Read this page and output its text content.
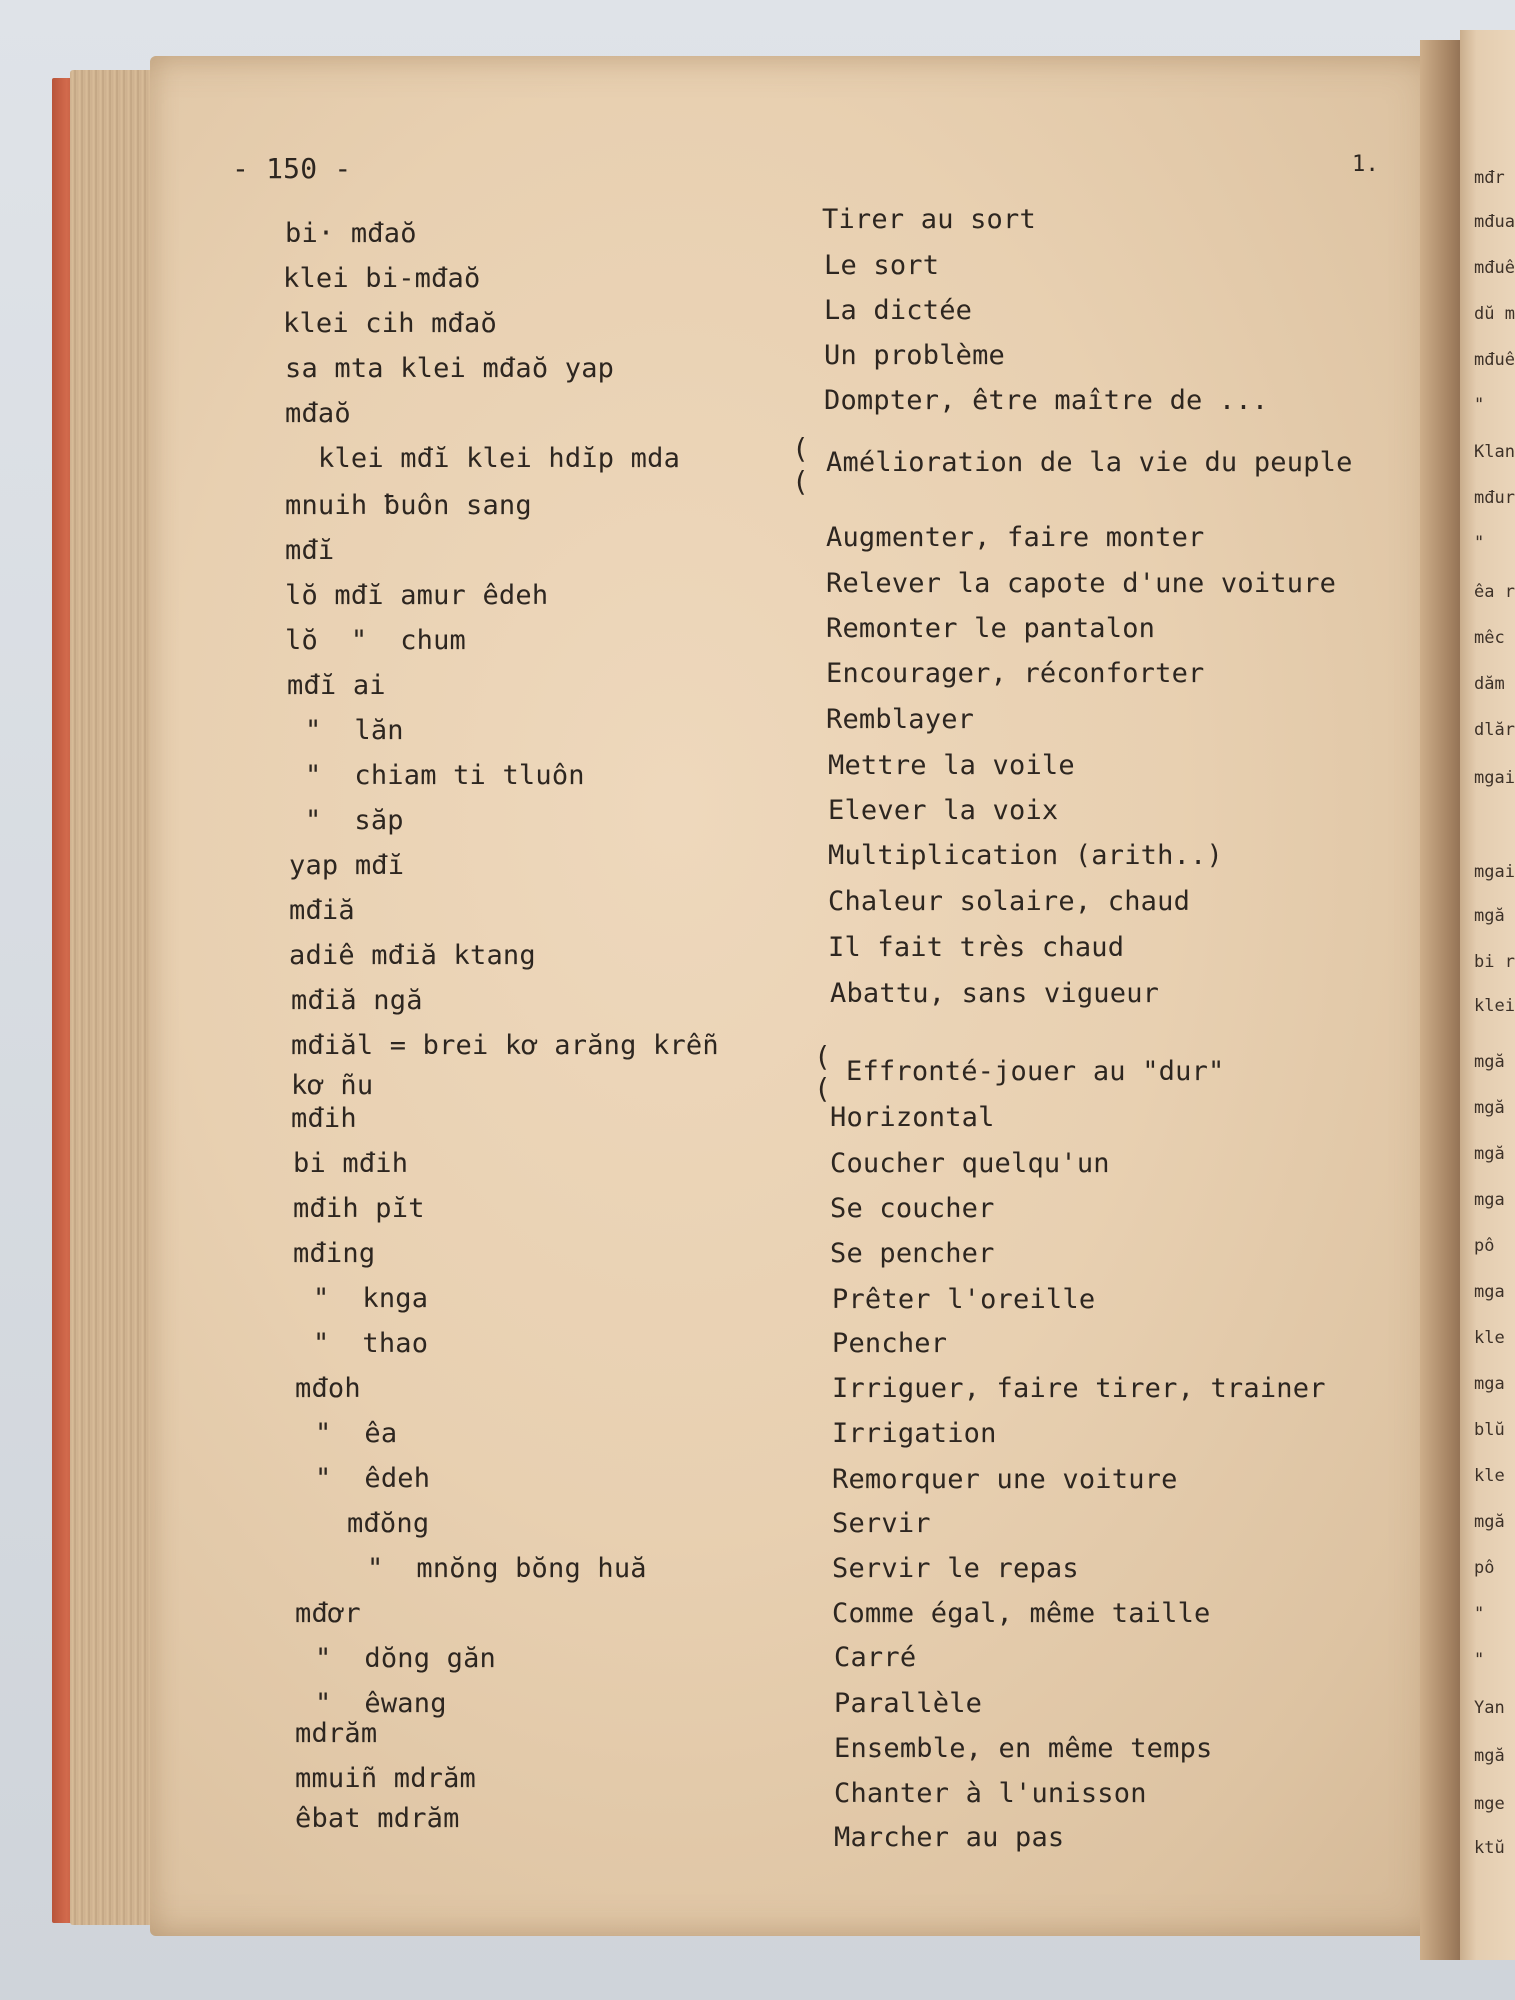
- 150 -	1.
bi· mđaŏ
klei bi-mđaŏ
klei cih mđaŏ
sa mta klei mđaŏ yap
mđaŏ
klei mđĭ klei hdĭp mda
mnuih ƀuôn sang
mđĭ
lŏ mđĭ amur êdeh
lŏ  "  chum
mđĭ ai
"  lăn
"  chiam ti tluôn
"  săp
yap mđĭ
mđiă
adiê mđiă ktang
mđiă ngă
mđiăl = brei kơ arăng krễn
kơ ñu
mđih
bi mđih
mđih pĭt
mđing
"  knga
"  thao
mđoh
"  êa
"  êdeh
mđŏng
"  mnŏng bŏng huă
mđơr
"  dŏng găn
"  êwang
mdrăm
mmuiñ mdrăm
êbat mdrăm
(
(
(
(
Tirer au sort
Le sort
La dictée
Un problème
Dompter, être maître de ...
Amélioration de la vie du peuple
Augmenter, faire monter
Relever la capote d'une voiture
Remonter le pantalon
Encourager, réconforter
Remblayer
Mettre la voile
Elever la voix
Multiplication (arith..)
Chaleur solaire, chaud
Il fait très chaud
Abattu, sans vigueur
Effronté-jouer au "dur"
Horizontal
Coucher quelqu'un
Se coucher
Se pencher
Prêter l'oreille
Pencher
Irriguer, faire tirer, trainer
Irrigation
Remorquer une voiture
Servir
Servir le repas
Comme égal, même taille
Carré
Parallèle
Ensemble, en même temps
Chanter à l'unisson
Marcher au pas
mđr
mđua
mđuê
dŭ m
mđuê
"
Klan
mđur
"
êa r
mêc
dăm
dlăr
mgai
mgai
mgă
bi r
klei
mgă
mgă
mgă
mga
pô
mga
kle
mga
blŭ
kle
mgă
pô
"
"
Yan
mgă
mge
ktŭ
